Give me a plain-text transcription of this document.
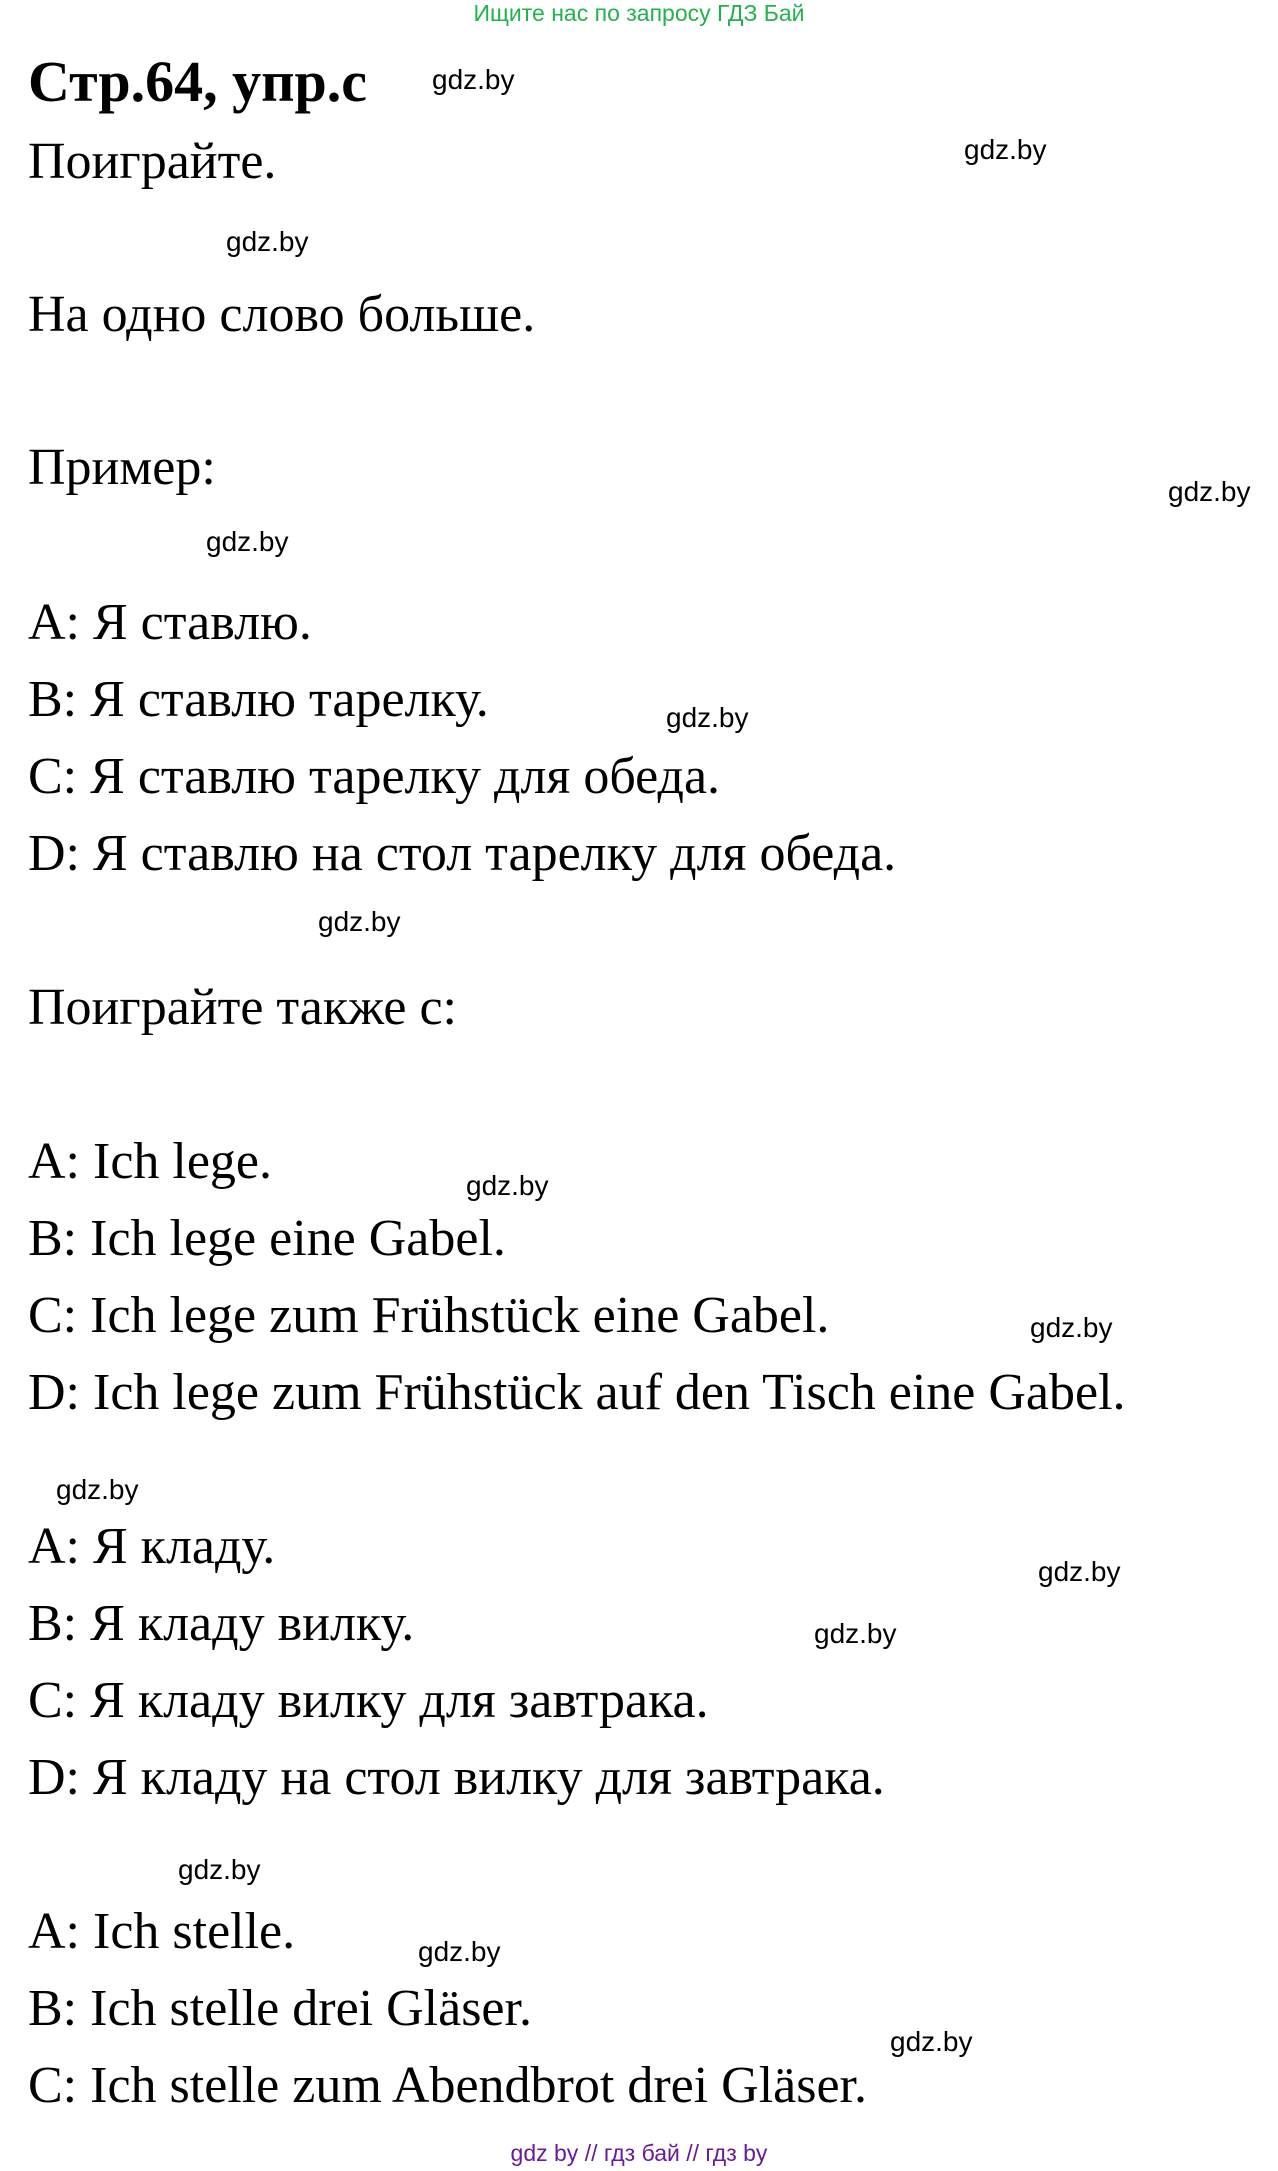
Ищите нас по запросу ГДЗ Бай
Стр.64, упр.c
Поиграйте.
На одно слово больше.
Пример:
A: Я ставлю.
B: Я ставлю тарелку.
C: Я ставлю тарелку для обеда.
D: Я ставлю на стол тарелку для обеда.
Поиграйте также с:
A: Ich lege.
B: Ich lege eine Gabel.
C: Ich lege zum Frühstück eine Gabel.
D: Ich lege zum Frühstück auf den Tisch eine Gabel.
A: Я кладу.
B: Я кладу вилку.
C: Я кладу вилку для завтрака.
D: Я кладу на стол вилку для завтрака.
A: Ich stelle.
B: Ich stelle drei Gläser.
C: Ich stelle zum Abendbrot drei Gläser.
gdz.by
gdz.by
gdz.by
gdz.by
gdz.by
gdz.by
gdz.by
gdz.by
gdz.by
gdz.by
gdz.by
gdz.by
gdz.by
gdz.by
gdz.by
gdz by // гдз бай // гдз by
